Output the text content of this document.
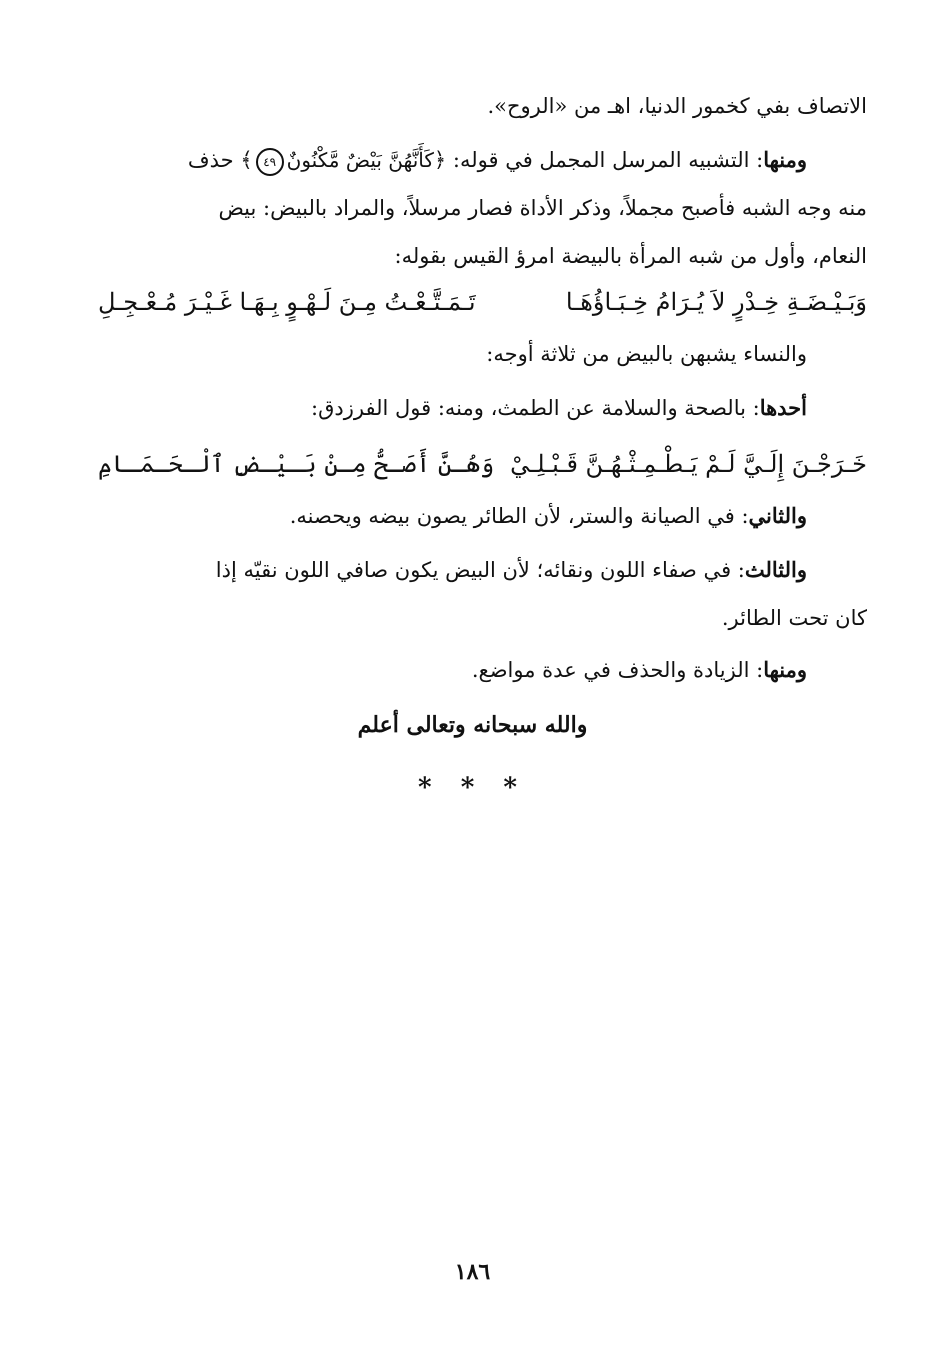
الاتصاف بفي كخمور الدنيا، اهـ من «الروح».
ومنها: التشبيه المرسل المجمل في قوله: ﴿كَأَنَّهُنَّ بَيْضٌ مَّكْنُونٌ٤٩﴾ حذف
منه وجه الشبه فأصبح مجملاً، وذكر الأداة فصار مرسلاً، والمراد بالبيض: بيض
النعام، وأول من شبه المرأة بالبيضة امرؤ القيس بقوله:
وَبَـيْـضَـةِ خِـدْرٍ لاَ يُـرَامُ خِـبَـاؤُهَـا
تَـمَـتَّـعْـتُ مِـنَ لَـهْـوٍ بِـهَـا غَـيْـرَ مُـعْـجِـلِ
والنساء يشبهن بالبيض من ثلاثة أوجه:
أحدها: بالصحة والسلامة عن الطمث، ومنه: قول الفرزدق:
خَـرَجْـنَ إِلَـيَّ لَـمْ يَـطْـمِـثْـهُـنَّ قَـبْـلِـيْ
وَهُـنَّ أَصَـحُّ مِـنْ بَـيْـضِ ٱلْـحَـمَـامِ
والثاني: في الصيانة والستر، لأن الطائر يصون بيضه ويحصنه.
والثالث: في صفاء اللون ونقائه؛ لأن البيض يكون صافي اللون نقيّه إذا
كان تحت الطائر.
ومنها: الزيادة والحذف في عدة مواضع.
والله سبحانه وتعالى أعلم
* * *
١٨٦
